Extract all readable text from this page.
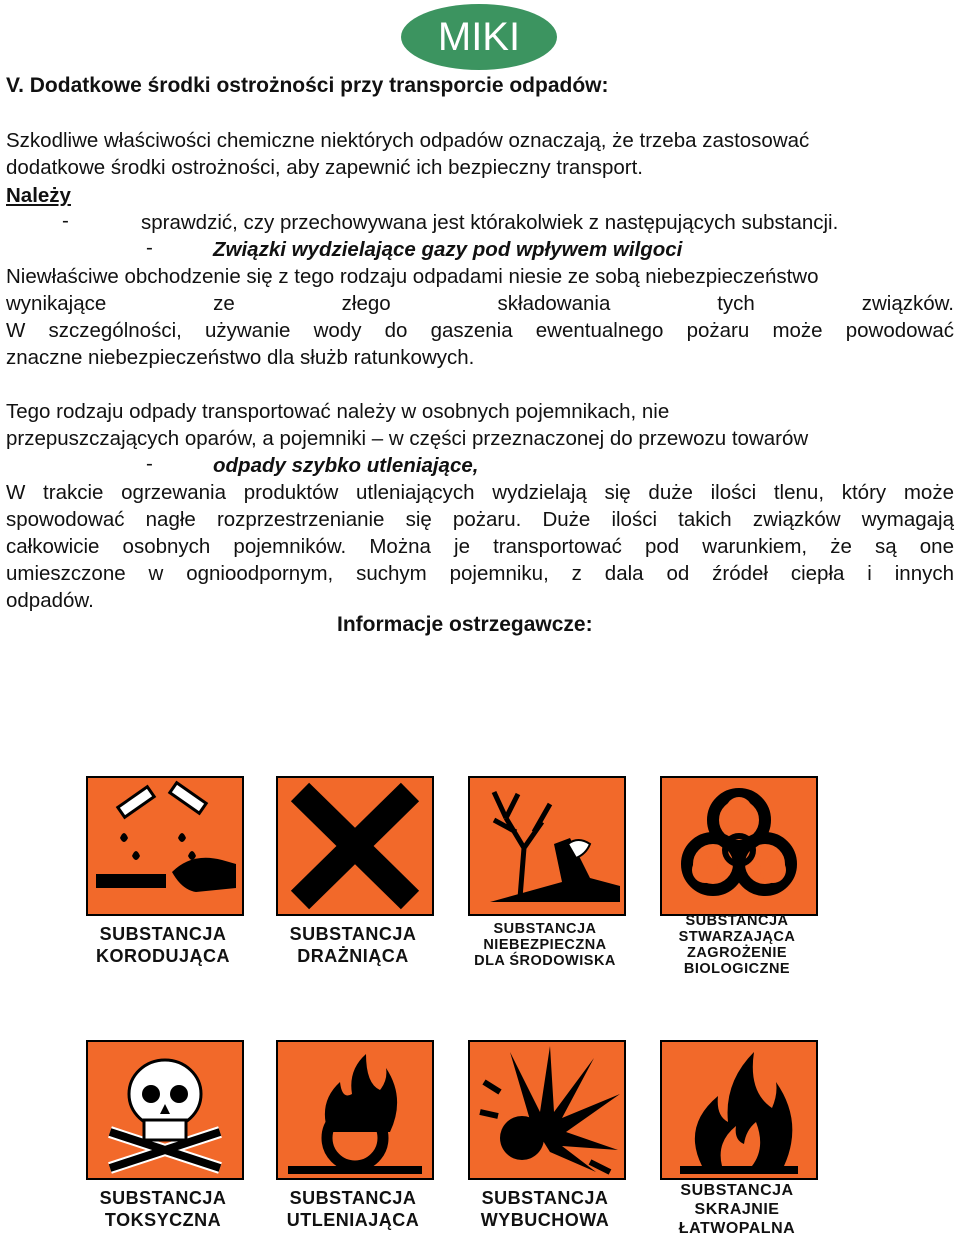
MIKI
V. Dodatkowe środki ostrożności przy transporcie odpadów:
Szkodliwe właściwości chemiczne niektórych odpadów oznaczają, że trzeba zastosować
dodatkowe środki ostrożności, aby zapewnić ich bezpieczny transport.
Należy
-	sprawdzić, czy przechowywana jest którakolwiek z następujących substancji.
-	Związki wydzielające gazy pod wpływem wilgoci
Niewłaściwe obchodzenie się z tego rodzaju odpadami niesie ze sobą niebezpieczeństwo
wynikające ze złego składowania tych związków.
W szczególności, używanie wody do gaszenia ewentualnego pożaru może powodować
znaczne niebezpieczeństwo dla służb ratunkowych.
Tego rodzaju odpady transportować należy w osobnych pojemnikach, nie
przepuszczających oparów, a pojemniki – w części przeznaczonej do przewozu towarów
-	odpady szybko utleniające,
W trakcie ogrzewania produktów utleniających wydzielają się duże ilości tlenu, który może
spowodować nagłe rozprzestrzenianie się pożaru. Duże ilości takich związków wymagają
całkowicie osobnych pojemników. Można je transportować pod warunkiem, że są one
umieszczone w ognioodpornym, suchym pojemniku, z dala od źródeł ciepła i innych
odpadów.
Informacje ostrzegawcze:
SUBSTANCJA
KORODUJĄCA
SUBSTANCJA
DRAŻNIĄCA
SUBSTANCJA
NIEBEZPIECZNA
DLA ŚRODOWISKA
SUBSTANCJA
STWARZAJĄCA
ZAGROŻENIE
BIOLOGICZNE
SUBSTANCJA
TOKSYCZNA
SUBSTANCJA
UTLENIAJĄCA
SUBSTANCJA
WYBUCHOWA
SUBSTANCJA
SKRAJNIE
ŁATWOPALNA
